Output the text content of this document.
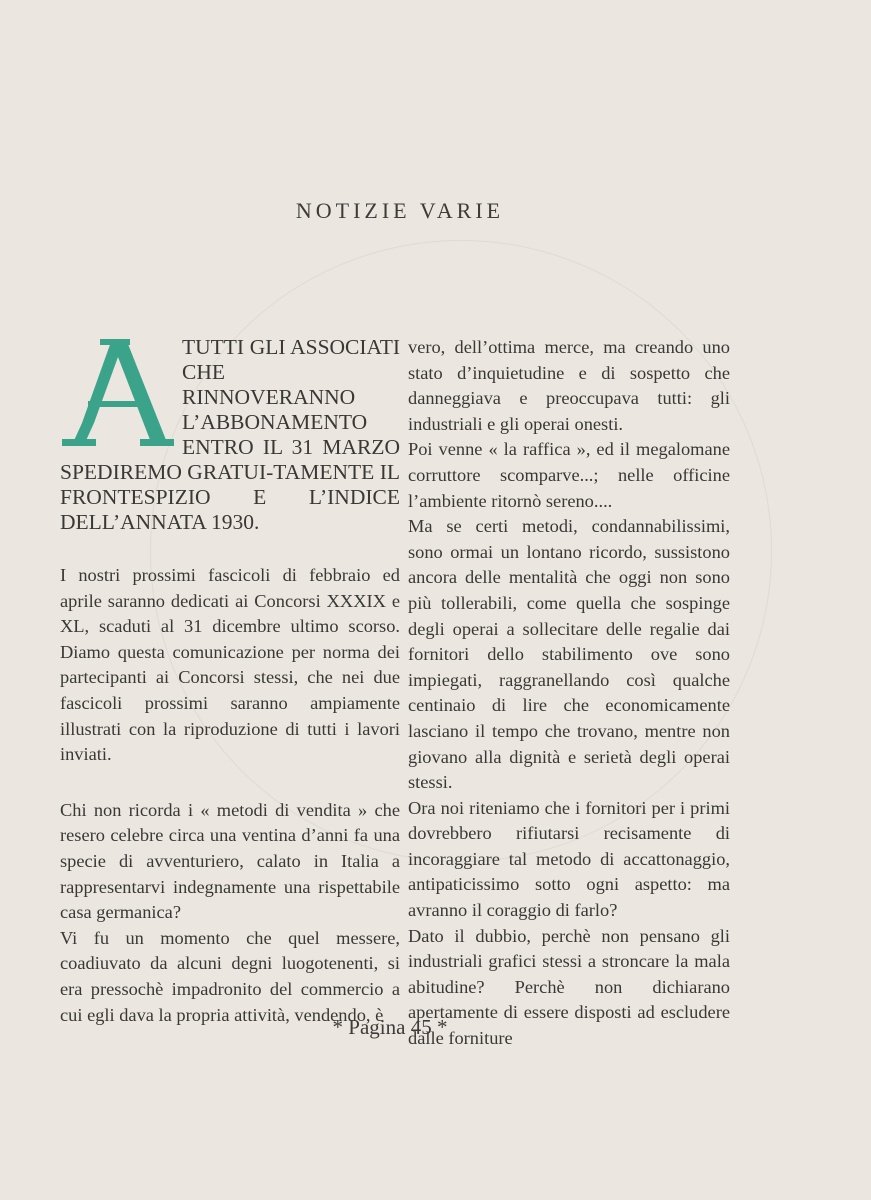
NOTIZIE VARIE
A
TUTTI GLI ASSOCIATI CHE RINNOVERANNO L’ABBONAMENTO ENTRO IL 31 MARZO SPEDIREMO GRATUI-TAMENTE IL FRONTESPIZIO E L’INDICE DELL’ANNATA 1930.

I nostri prossimi fascicoli di febbraio ed aprile saranno dedicati ai Concorsi XXXIX e XL, scaduti al 31 dicembre ultimo scorso. Diamo questa comunicazione per norma dei partecipanti ai Concorsi stessi, che nei due fascicoli prossimi saranno ampiamente illustrati con la riproduzione di tutti i lavori inviati.

Chi non ricorda i « metodi di vendita » che resero celebre circa una ventina d’anni fa una specie di avventuriero, calato in Italia a rappresentarvi indegnamente una rispettabile casa germanica?

Vi fu un momento che quel messere, coadiuvato da alcuni degni luogotenenti, si era pressochè impadronito del commercio a cui egli dava la propria attività, vendendo, è

vero, dell’ottima merce, ma creando uno stato d’inquietudine e di sospetto che danneggiava e preoccupava tutti: gli industriali e gli operai onesti.

Poi venne « la raffica », ed il megalomane corruttore scomparve...; nelle officine l’ambiente ritornò sereno....

Ma se certi metodi, condannabilissimi, sono ormai un lontano ricordo, sussistono ancora delle mentalità che oggi non sono più tollerabili, come quella che sospinge degli operai a sollecitare delle regalie dai fornitori dello stabilimento ove sono impiegati, raggranellando così qualche centinaio di lire che economicamente lasciano il tempo che trovano, mentre non giovano alla dignità e serietà degli operai stessi.

Ora noi riteniamo che i fornitori per i primi dovrebbero rifiutarsi recisamente di incoraggiare tal metodo di accattonaggio, antipaticissimo sotto ogni aspetto: ma avranno il coraggio di farlo?

Dato il dubbio, perchè non pensano gli industriali grafici stessi a stroncare la mala abitudine? Perchè non dichiarano apertamente di essere disposti ad escludere dalle forniture

* Pagina 45 *
